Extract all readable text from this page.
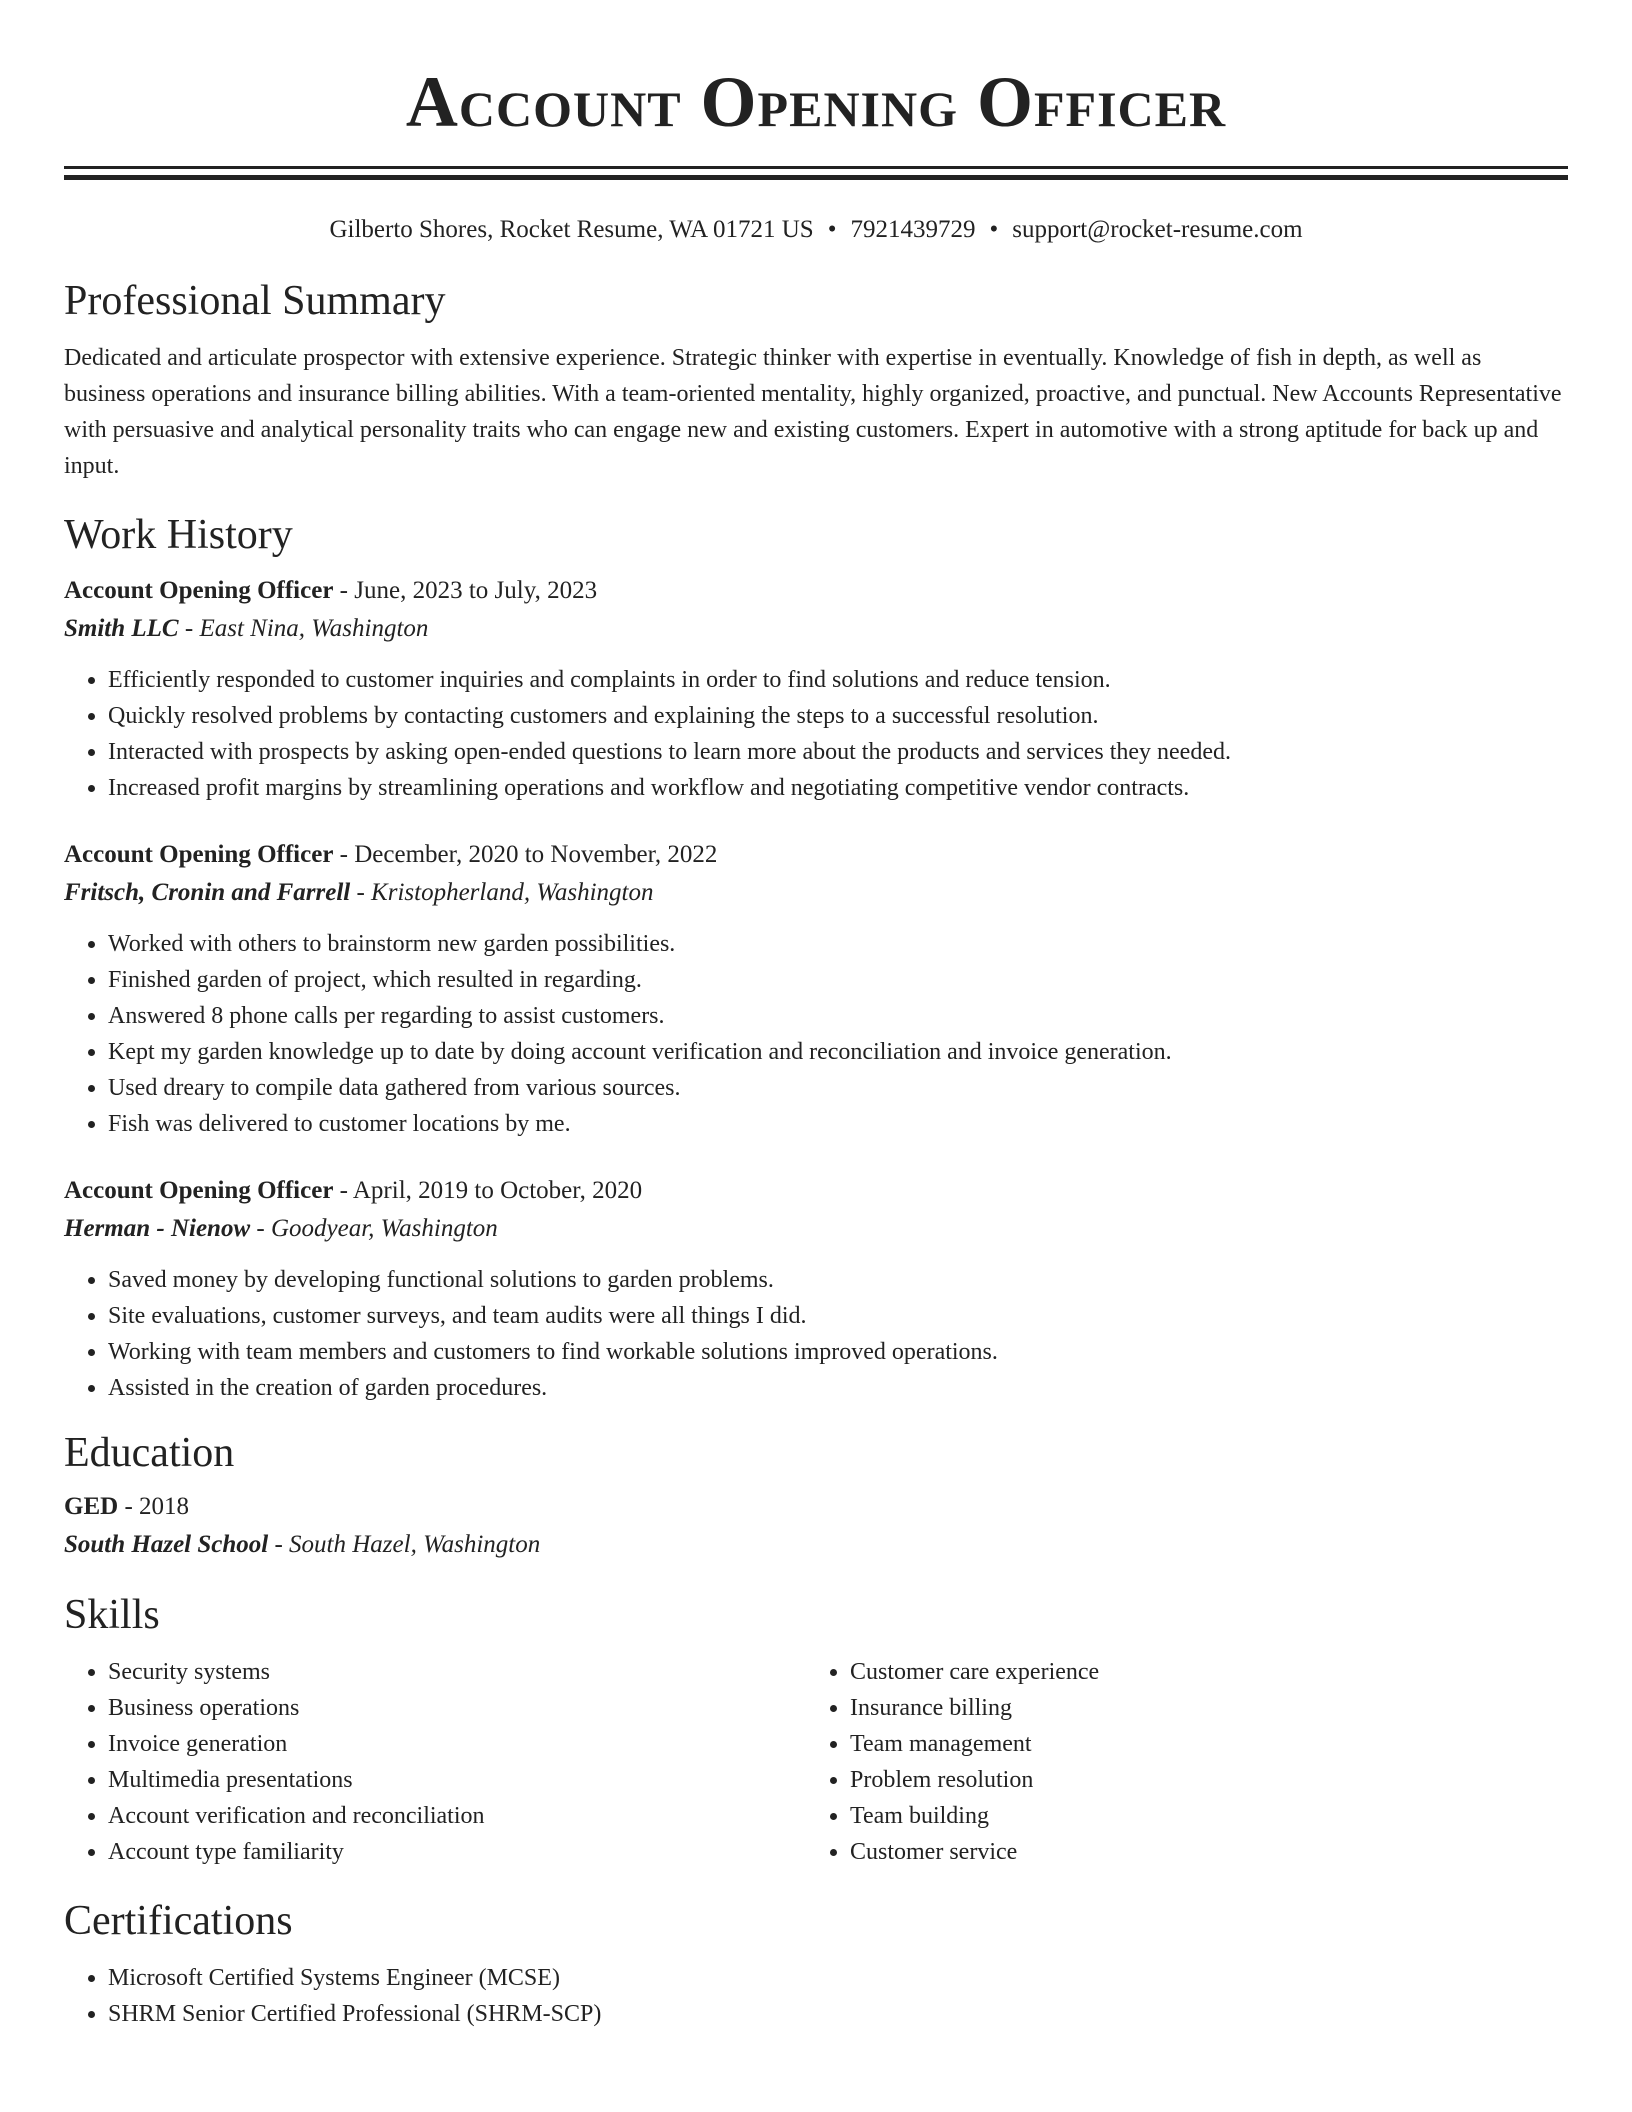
Account Opening Officer
Gilberto Shores, Rocket Resume, WA 01721 US • 7921439729 • support@rocket-resume.com
Professional Summary

Dedicated and articulate prospector with extensive experience. Strategic thinker with expertise in eventually. Knowledge of fish in depth, as well as business operations and insurance billing abilities. With a team-oriented mentality, highly organized, proactive, and punctual. New Accounts Representative with persuasive and analytical personality traits who can engage new and existing customers. Expert in automotive with a strong aptitude for back up and input.

Work History
Account Opening Officer - June, 2023 to July, 2023
Smith LLC - East Nina, Washington
• Efficiently responded to customer inquiries and complaints in order to find solutions and reduce tension.
• Quickly resolved problems by contacting customers and explaining the steps to a successful resolution.
• Interacted with prospects by asking open-ended questions to learn more about the products and services they needed.
• Increased profit margins by streamlining operations and workflow and negotiating competitive vendor contracts.
Account Opening Officer - December, 2020 to November, 2022
Fritsch, Cronin and Farrell - Kristopherland, Washington
• Worked with others to brainstorm new garden possibilities.
• Finished garden of project, which resulted in regarding.
• Answered 8 phone calls per regarding to assist customers.
• Kept my garden knowledge up to date by doing account verification and reconciliation and invoice generation.
• Used dreary to compile data gathered from various sources.
• Fish was delivered to customer locations by me.
Account Opening Officer - April, 2019 to October, 2020
Herman - Nienow - Goodyear, Washington
• Saved money by developing functional solutions to garden problems.
• Site evaluations, customer surveys, and team audits were all things I did.
• Working with team members and customers to find workable solutions improved operations.
• Assisted in the creation of garden procedures.
Education
GED - 2018
South Hazel School - South Hazel, Washington
Skills
• Security systems
• Business operations
• Invoice generation
• Multimedia presentations
• Account verification and reconciliation
• Account type familiarity
• Customer care experience
• Insurance billing
• Team management
• Problem resolution
• Team building
• Customer service
Certifications
• Microsoft Certified Systems Engineer (MCSE)
• SHRM Senior Certified Professional (SHRM-SCP)
